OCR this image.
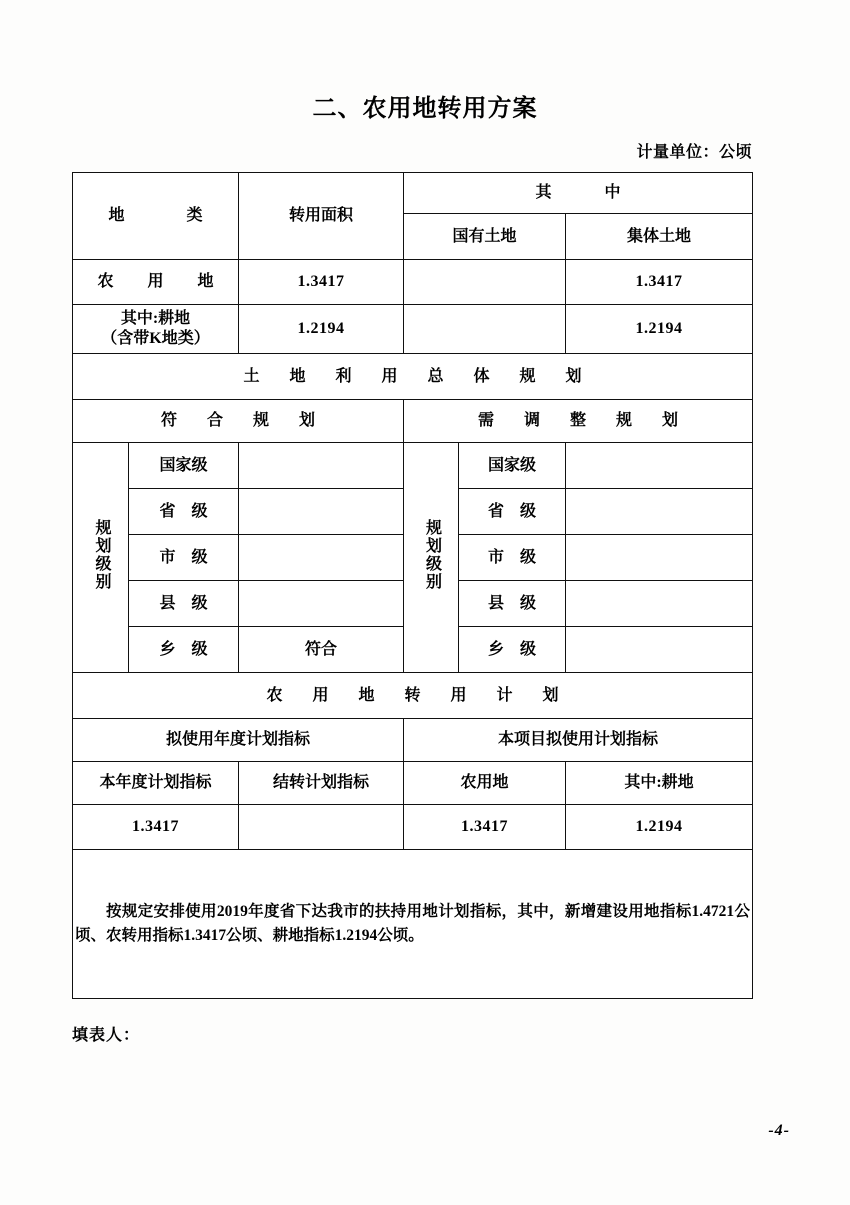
二、农用地转用方案
计量单位：公顷
地　　类		转用面积	其　　中		
			国有土地		集体土地
农　用　地		1.3417			1.3417

其中:耕地
（含带K地类）		1.2194			1.2194
土　地　利　用　总　体　规　划					
符　合　规　划			需　调　整　规　划		
规划级别	国家级		规划级别	国家级	
	省　级			省　级	
	市　级			市　级	
	县　级			县　级	
	乡　级	符合		乡　级	
农　用　地　转　用　计　划					
拟使用年度计划指标			本项目拟使用计划指标		
本年度计划指标		结转计划指标	农用地		其中:耕地
1.3417			1.3417		1.2194

按规定安排使用2019年度省下达我市的扶持用地计划指标，其中，新增建设用地指标1.4721公顷、农转用指标1.3417公顷、耕地指标1.2194公顷。					
填表人：
-4-
